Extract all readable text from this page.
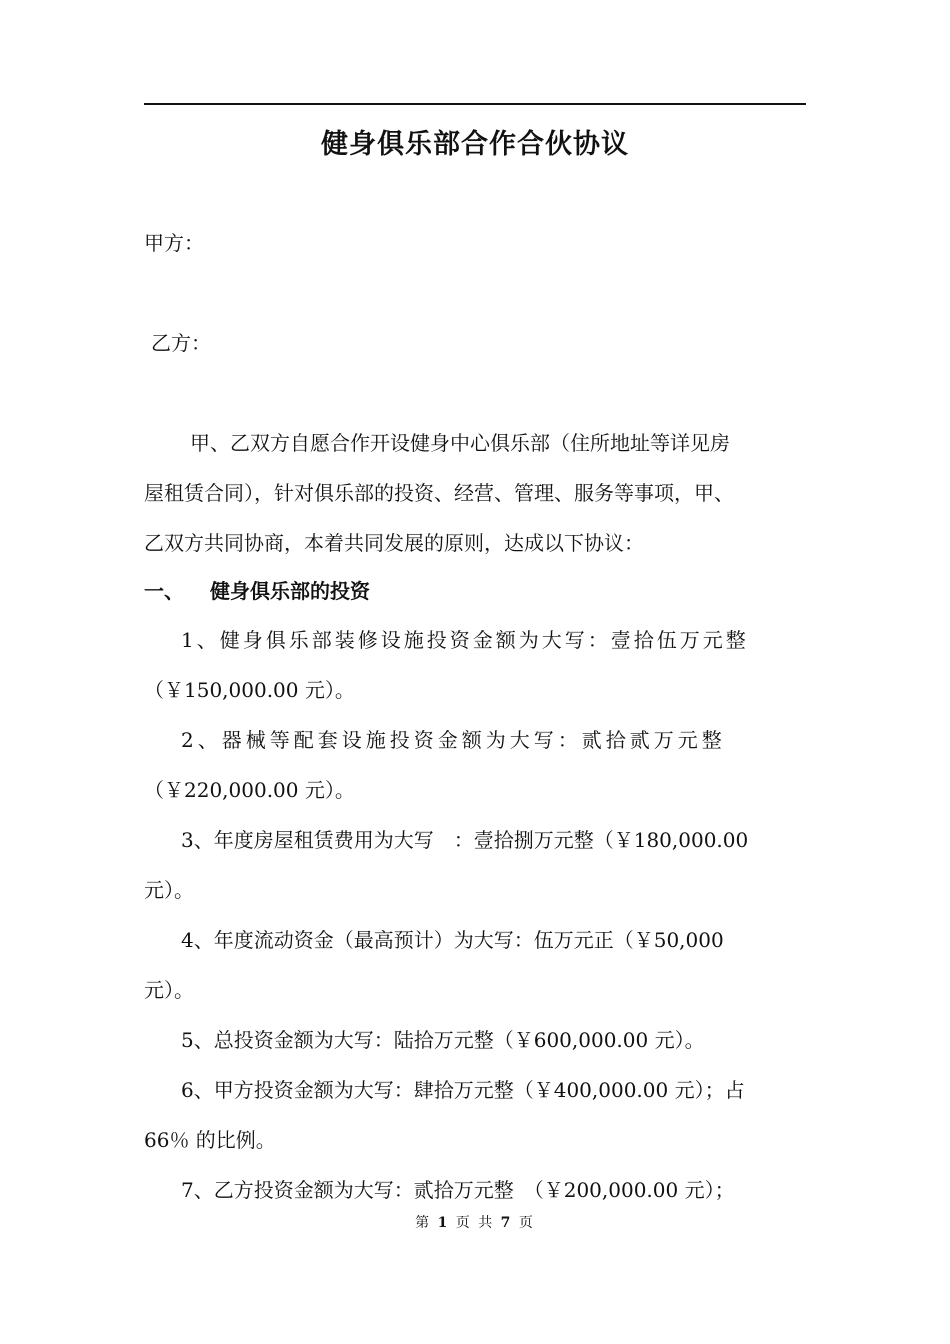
健身俱乐部合作合伙协议
甲方：
乙方：
甲、乙双方自愿合作开设健身中心俱乐部（住所地址等详见房
屋租赁合同），针对俱乐部的投资、经营、管理、服务等事项，甲、
乙双方共同协商，本着共同发展的原则，达成以下协议：
一、 健身俱乐部的投资
1、健身俱乐部装修设施投资金额为大写：壹拾伍万元整
（￥150,000.00 元）。
2、器械等配套设施投资金额为大写：贰拾贰万元整
（￥220,000.00 元）。
3、年度房屋租赁费用为大写　：壹拾捌万元整（￥180,000.00
元）。
4、年度流动资金（最高预计）为大写：伍万元正（￥50,000
元）。
5、总投资金额为大写：陆拾万元整（￥600,000.00 元）。
6、甲方投资金额为大写：肆拾万元整（￥400,000.00 元）；占
66％ 的比例。
7、乙方投资金额为大写：贰拾万元整　（￥200,000.00 元）；
第 1 页 共 7 页
